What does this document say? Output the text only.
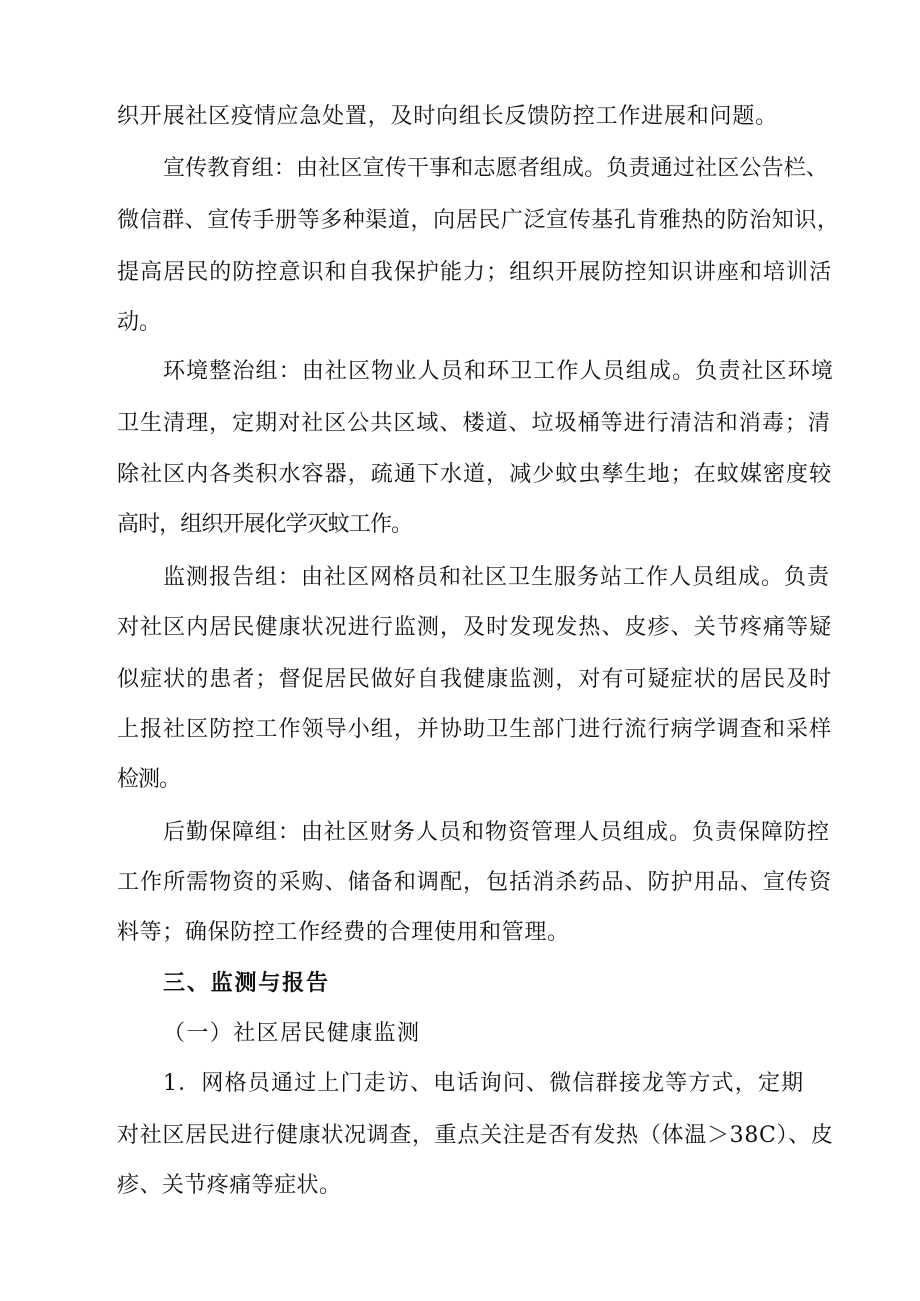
织开展社区疫情应急处置，及时向组长反馈防控工作进展和问题。
宣传教育组：由社区宣传干事和志愿者组成。负责通过社区公告栏、
微信群、宣传手册等多种渠道，向居民广泛宣传基孔肯雅热的防治知识，
提高居民的防控意识和自我保护能力；组织开展防控知识讲座和培训活
动。
环境整治组：由社区物业人员和环卫工作人员组成。负责社区环境
卫生清理，定期对社区公共区域、楼道、垃圾桶等进行清洁和消毒；清
除社区内各类积水容器，疏通下水道，减少蚊虫孳生地；在蚊媒密度较
高时，组织开展化学灭蚊工作。
监测报告组：由社区网格员和社区卫生服务站工作人员组成。负责
对社区内居民健康状况进行监测，及时发现发热、皮疹、关节疼痛等疑
似症状的患者；督促居民做好自我健康监测，对有可疑症状的居民及时
上报社区防控工作领导小组，并协助卫生部门进行流行病学调查和采样
检测。
后勤保障组：由社区财务人员和物资管理人员组成。负责保障防控
工作所需物资的采购、储备和调配，包括消杀药品、防护用品、宣传资
料等；确保防控工作经费的合理使用和管理。
三、监测与报告
（一）社区居民健康监测
1．网格员通过上门走访、电话询问、微信群接龙等方式，定期
对社区居民进行健康状况调查，重点关注是否有发热（体温＞38C）、皮
疹、关节疼痛等症状。
